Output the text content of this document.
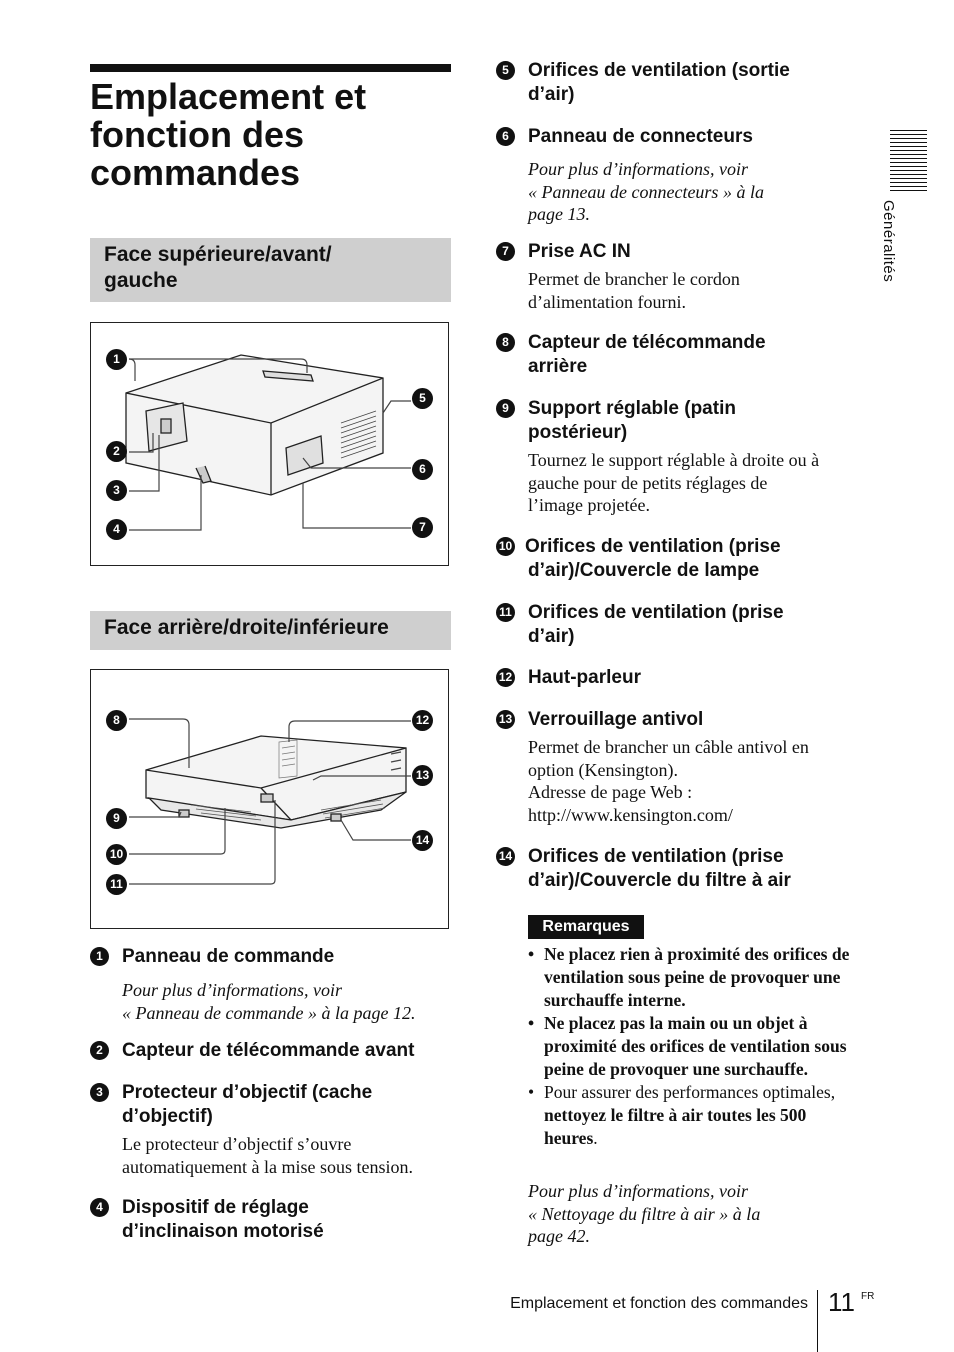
Emplacement et
fonction des
commandes
Face supérieure/avant/
gauche
1
2
3
4
5
6
7
Face arrière/droite/inférieure
8
9
10
11
12
13
14
1	Panneau de commande
Pour plus d’informations, voir
« Panneau de commande » à la page 12.
2	Capteur de télécommande avant
3	Protecteur d’objectif (cache
d’objectif)
Le protecteur d’objectif s’ouvre
automatiquement à la mise sous tension.
4	Dispositif de réglage
d’inclinaison motorisé
5	Orifices de ventilation (sortie
d’air)
6	Panneau de connecteurs
Pour plus d’informations, voir
« Panneau de connecteurs » à la
page 13.
7	Prise AC IN
Permet de brancher le cordon
d’alimentation fourni.
8	Capteur de télécommande
arrière
9	Support réglable (patin
postérieur)
Tournez le support réglable à droite ou à
gauche pour de petits réglages de
l’image projetée.
10 Orifices de ventilation (prise
d’air)/Couvercle de lampe
11 Orifices de ventilation (prise
d’air)
12 Haut-parleur
13 Verrouillage antivol
Permet de brancher un câble antivol en
option (Kensington).
Adresse de page Web :
http://www.kensington.com/
14 Orifices de ventilation (prise
d’air)/Couvercle du filtre à air
Remarques
• Ne placez rien à proximité des orifices de ventilation sous peine de provoquer une surchauffe interne.
• Ne placez pas la main ou un objet à proximité des orifices de ventilation sous peine de provoquer une surchauffe.
• Pour assurer des performances optimales, nettoyez le filtre à air toutes les 500 heures.
Pour plus d’informations, voir
« Nettoyage du filtre à air » à la
page 42.
Généralités
Emplacement et fonction des commandes 11 FR
